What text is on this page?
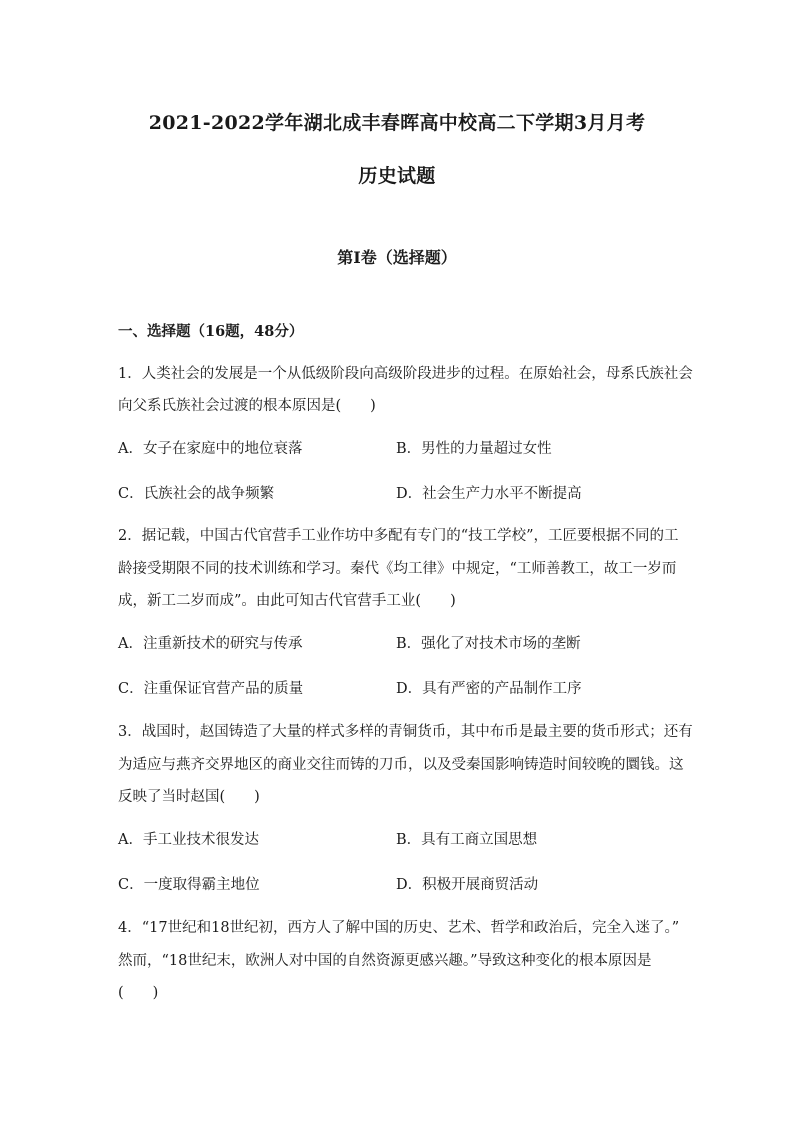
2021-2022学年湖北成丰春晖高中校高二下学期3月月考
历史试题
第Ⅰ卷（选择题）
一、选择题（16题，48分）
1．人类社会的发展是一个从低级阶段向高级阶段进步的过程。在原始社会，母系氏族社会
向父系氏族社会过渡的根本原因是(　　)
A．女子在家庭中的地位衰落	B．男性的力量超过女性
C．氏族社会的战争频繁	D．社会生产力水平不断提高
2．据记载，中国古代官营手工业作坊中多配有专门的“技工学校”，工匠要根据不同的工
龄接受期限不同的技术训练和学习。秦代《均工律》中规定，“工师善教工，故工一岁而
成，新工二岁而成”。由此可知古代官营手工业(　　)
A．注重新技术的研究与传承	B．强化了对技术市场的垄断
C．注重保证官营产品的质量	D．具有严密的产品制作工序
3．战国时，赵国铸造了大量的样式多样的青铜货币，其中布币是最主要的货币形式；还有
为适应与燕齐交界地区的商业交往而铸的刀币，以及受秦国影响铸造时间较晚的圜钱。这
反映了当时赵国(　　)
A．手工业技术很发达	B．具有工商立国思想
C．一度取得霸主地位	D．积极开展商贸活动
4．“17世纪和18世纪初，西方人了解中国的历史、艺术、哲学和政治后，完全入迷了。”
然而，“18世纪末，欧洲人对中国的自然资源更感兴趣。”导致这种变化的根本原因是
(　　)
